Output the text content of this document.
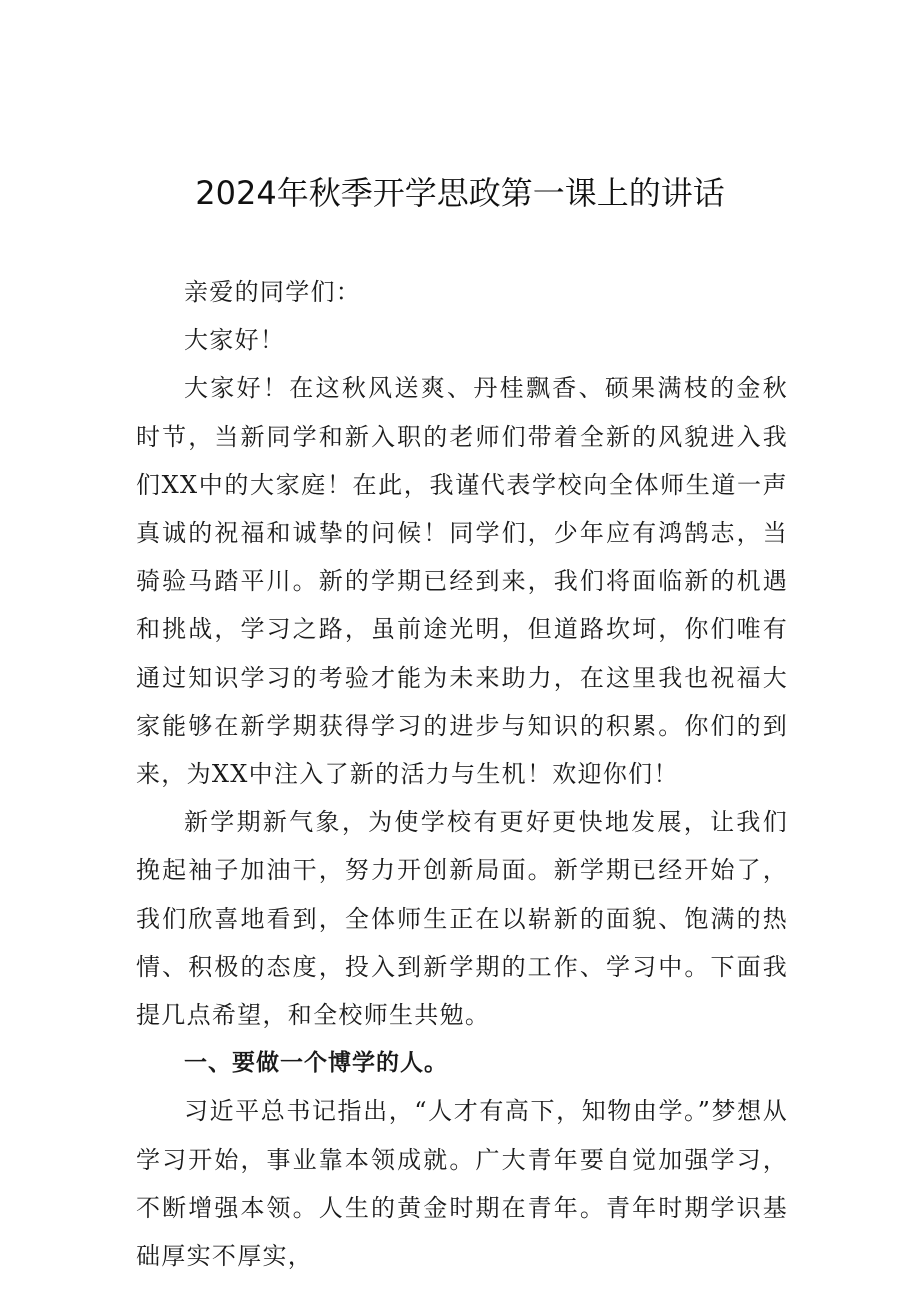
2024年秋季开学思政第一课上的讲话

亲爱的同学们：

大家好！

大家好！在这秋风送爽、丹桂飘香、硕果满枝的金秋时节，当新同学和新入职的老师们带着全新的风貌进入我们XX中的大家庭！在此，我谨代表学校向全体师生道一声真诚的祝福和诚挚的问候！同学们，少年应有鸿鹄志，当骑验马踏平川。新的学期已经到来，我们将面临新的机遇和挑战，学习之路，虽前途光明，但道路坎坷，你们唯有通过知识学习的考验才能为未来助力，在这里我也祝福大家能够在新学期获得学习的进步与知识的积累。你们的到来，为XX中注入了新的活力与生机！欢迎你们！

新学期新气象，为使学校有更好更快地发展，让我们挽起袖子加油干，努力开创新局面。新学期已经开始了，我们欣喜地看到，全体师生正在以崭新的面貌、饱满的热情、积极的态度，投入到新学期的工作、学习中。下面我提几点希望，和全校师生共勉。

一、要做一个博学的人。

习近平总书记指出，“人才有高下，知物由学。”梦想从学习开始，事业靠本领成就。广大青年要自觉加强学习，不断增强本领。人生的黄金时期在青年。青年时期学识基础厚实不厚实，
